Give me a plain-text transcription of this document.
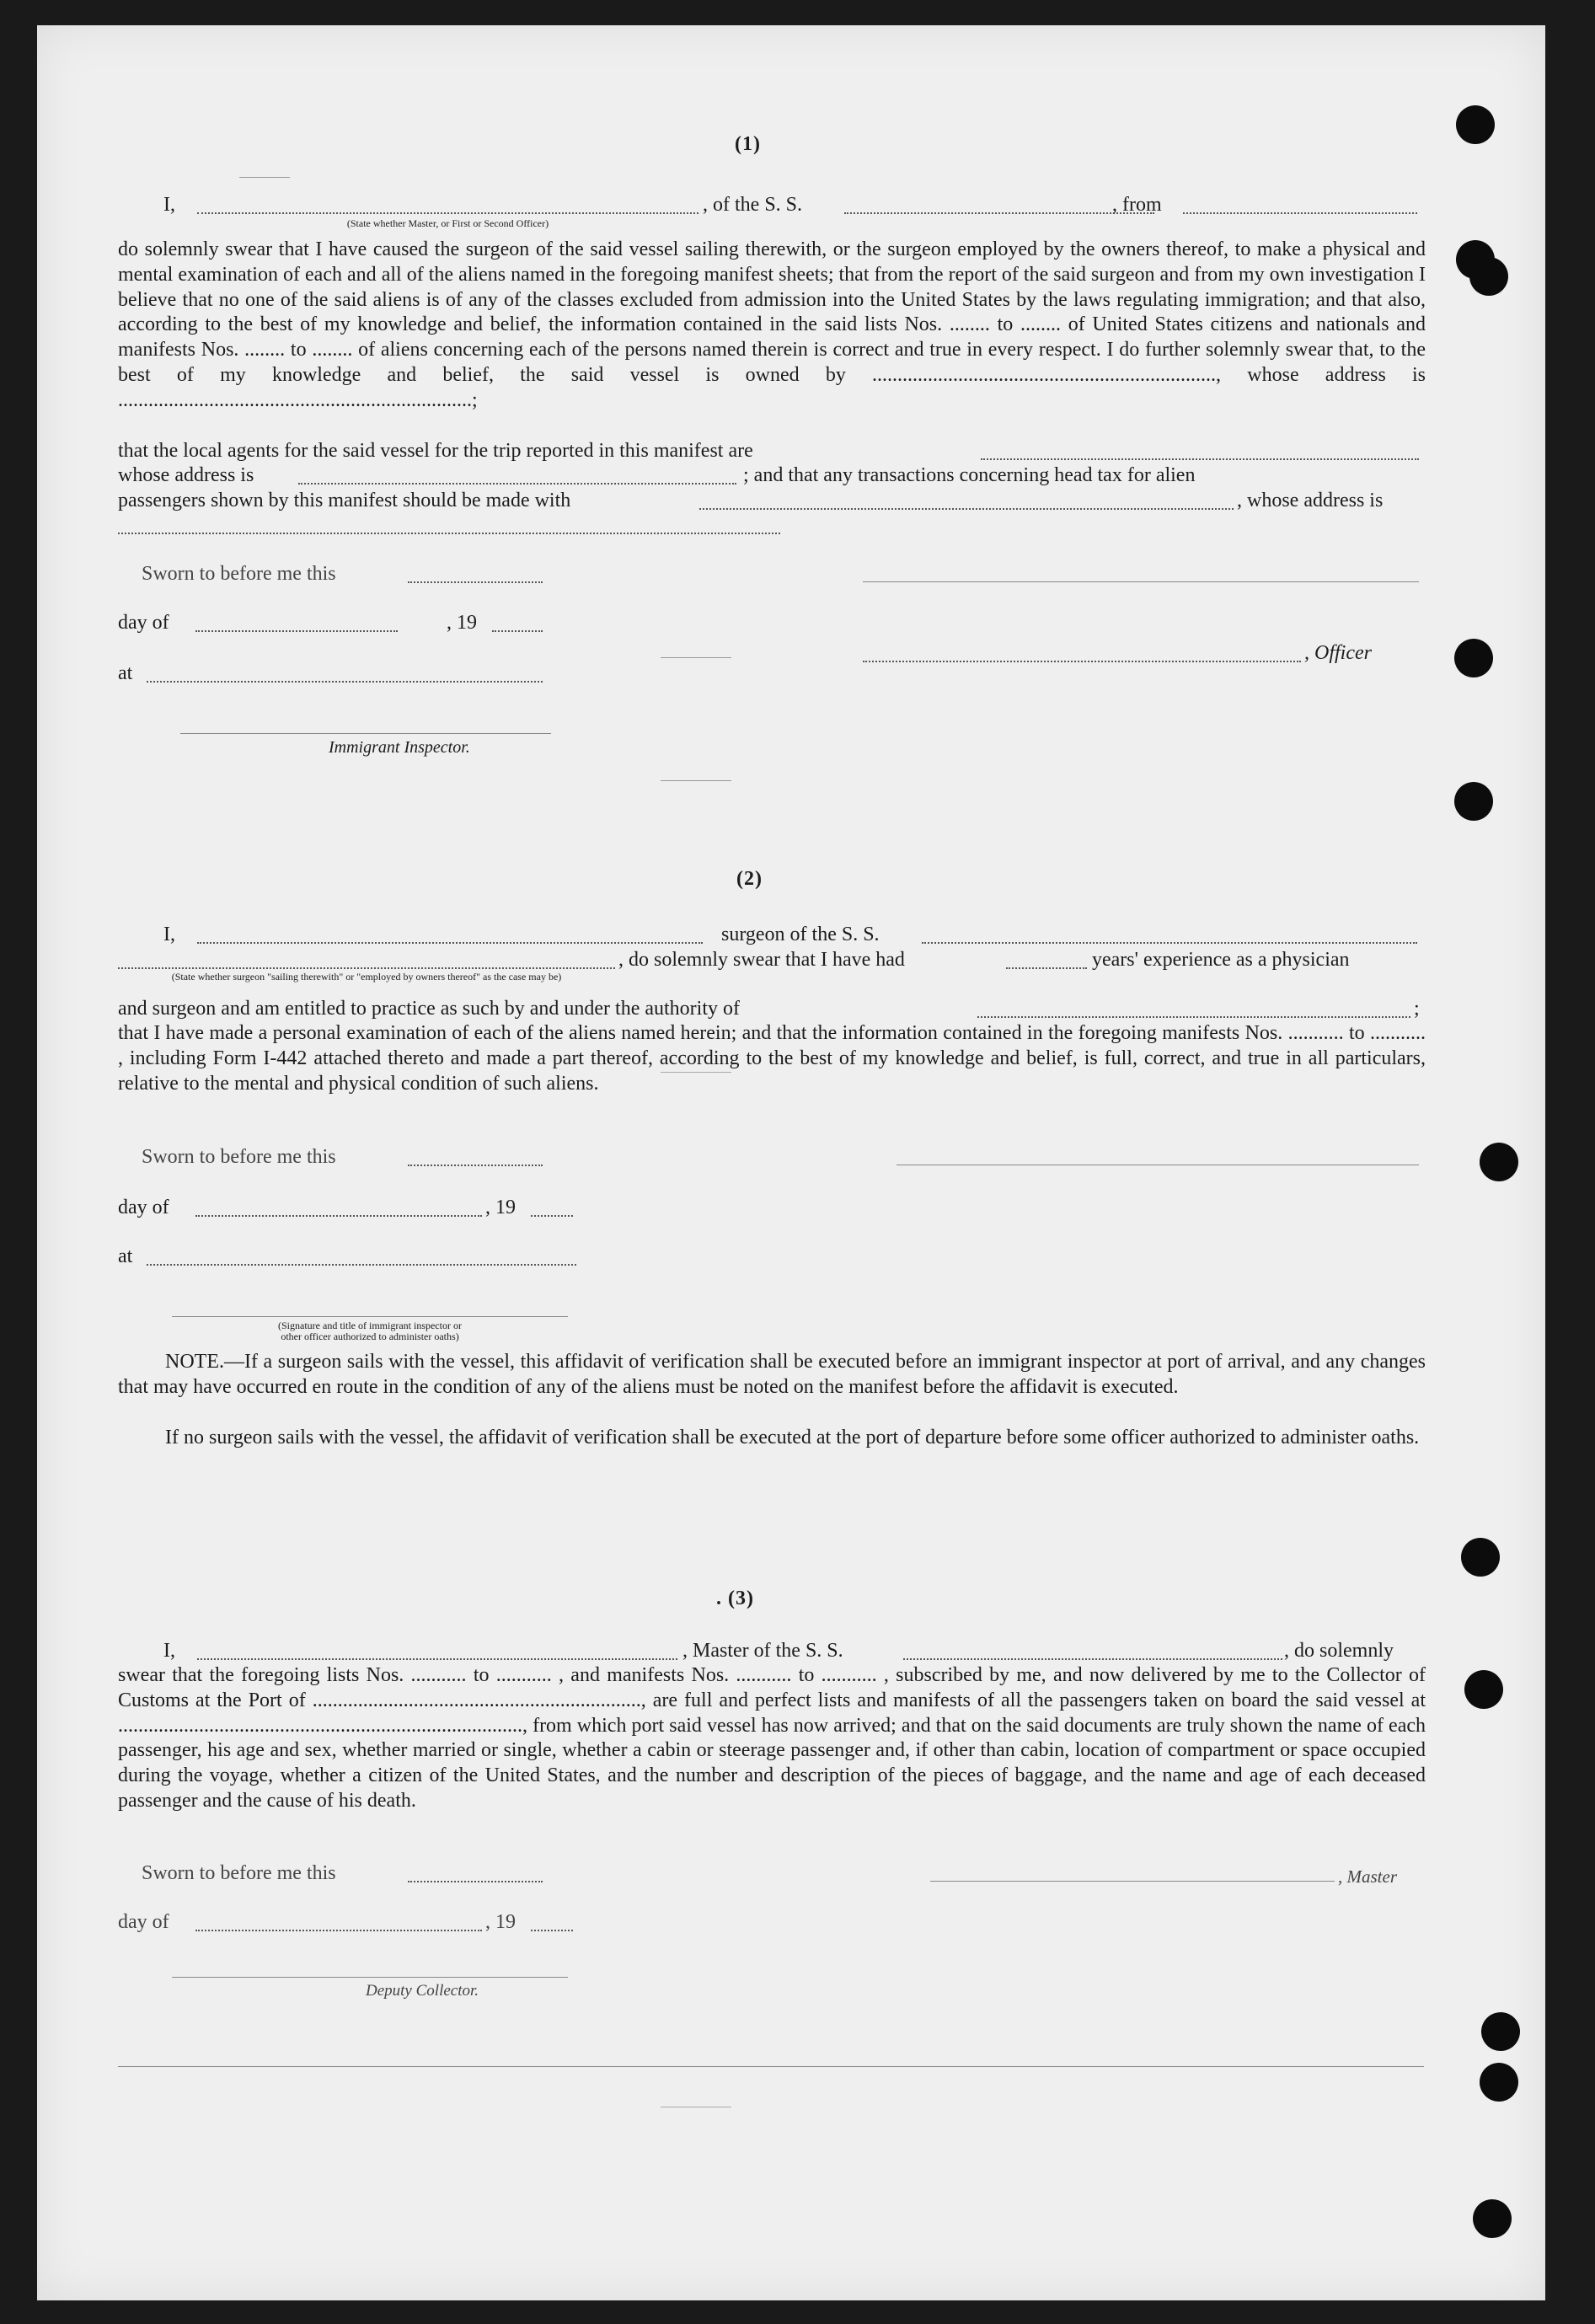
(1)
I,
(State whether Master, or First or Second Officer)
, of the S. S.	, from
do solemnly swear that I have caused the surgeon of the said vessel sailing therewith, or the surgeon employed by the owners thereof, to make a physical and mental examination of each and all of the aliens named in the foregoing manifest sheets; that from the report of the said surgeon and from my own investigation I believe that no one of the said aliens is of any of the classes excluded from admission into the United States by the laws regulating immigration; and that also, according to the best of my knowledge and belief, the information contained in the said lists Nos. ........ to ........ of United States citizens and nationals and manifests Nos. ........ to ........ of aliens concerning each of the persons named therein is correct and true in every respect. I do further solemnly swear that, to the best of my knowledge and belief, the said vessel is owned by ...................................................................., whose address is ......................................................................;
that the local agents for the said vessel for the trip reported in this manifest are
whose address is	; and that any transactions concerning head tax for alien
passengers shown by this manifest should be made with	, whose address is
Sworn to before me this
day of	, 19
, Officer
at
Immigrant Inspector.
(2)
I,	surgeon of the S. S.
(State whether surgeon "sailing therewith" or "employed by owners thereof" as the case may be)
, do solemnly swear that I have had	years' experience as a physician
and surgeon and am entitled to practice as such by and under the authority of	;
that I have made a personal examination of each of the aliens named herein; and that the information contained in the foregoing manifests Nos. ........... to ........... , including Form I-442 attached thereto and made a part thereof, according to the best of my knowledge and belief, is full, correct, and true in all particulars, relative to the mental and physical condition of such aliens.
Sworn to before me this
day of	, 19
at
(Signature and title of immigrant inspector or
other officer authorized to administer oaths)
NOTE.—If a surgeon sails with the vessel, this affidavit of verification shall be executed before an immigrant inspector at port of arrival, and any changes that may have occurred en route in the condition of any of the aliens must be noted on the manifest before the affidavit is executed.
If no surgeon sails with the vessel, the affidavit of verification shall be executed at the port of departure before some officer authorized to administer oaths.
. (3)
I,	, Master of the S. S.	, do solemnly
swear that the foregoing lists Nos. ........... to ........... , and manifests Nos. ........... to ........... , subscribed by me, and now delivered by me to the Collector of Customs at the Port of ................................................................., are full and perfect lists and manifests of all the passengers taken on board the said vessel at ................................................................................, from which port said vessel has now arrived; and that on the said documents are truly shown the name of each passenger, his age and sex, whether married or single, whether a cabin or steerage passenger and, if other than cabin, location of compartment or space occupied during the voyage, whether a citizen of the United States, and the number and description of the pieces of baggage, and the name and age of each deceased passenger and the cause of his death.
Sworn to before me this	, Master
day of	, 19
Deputy Collector.
